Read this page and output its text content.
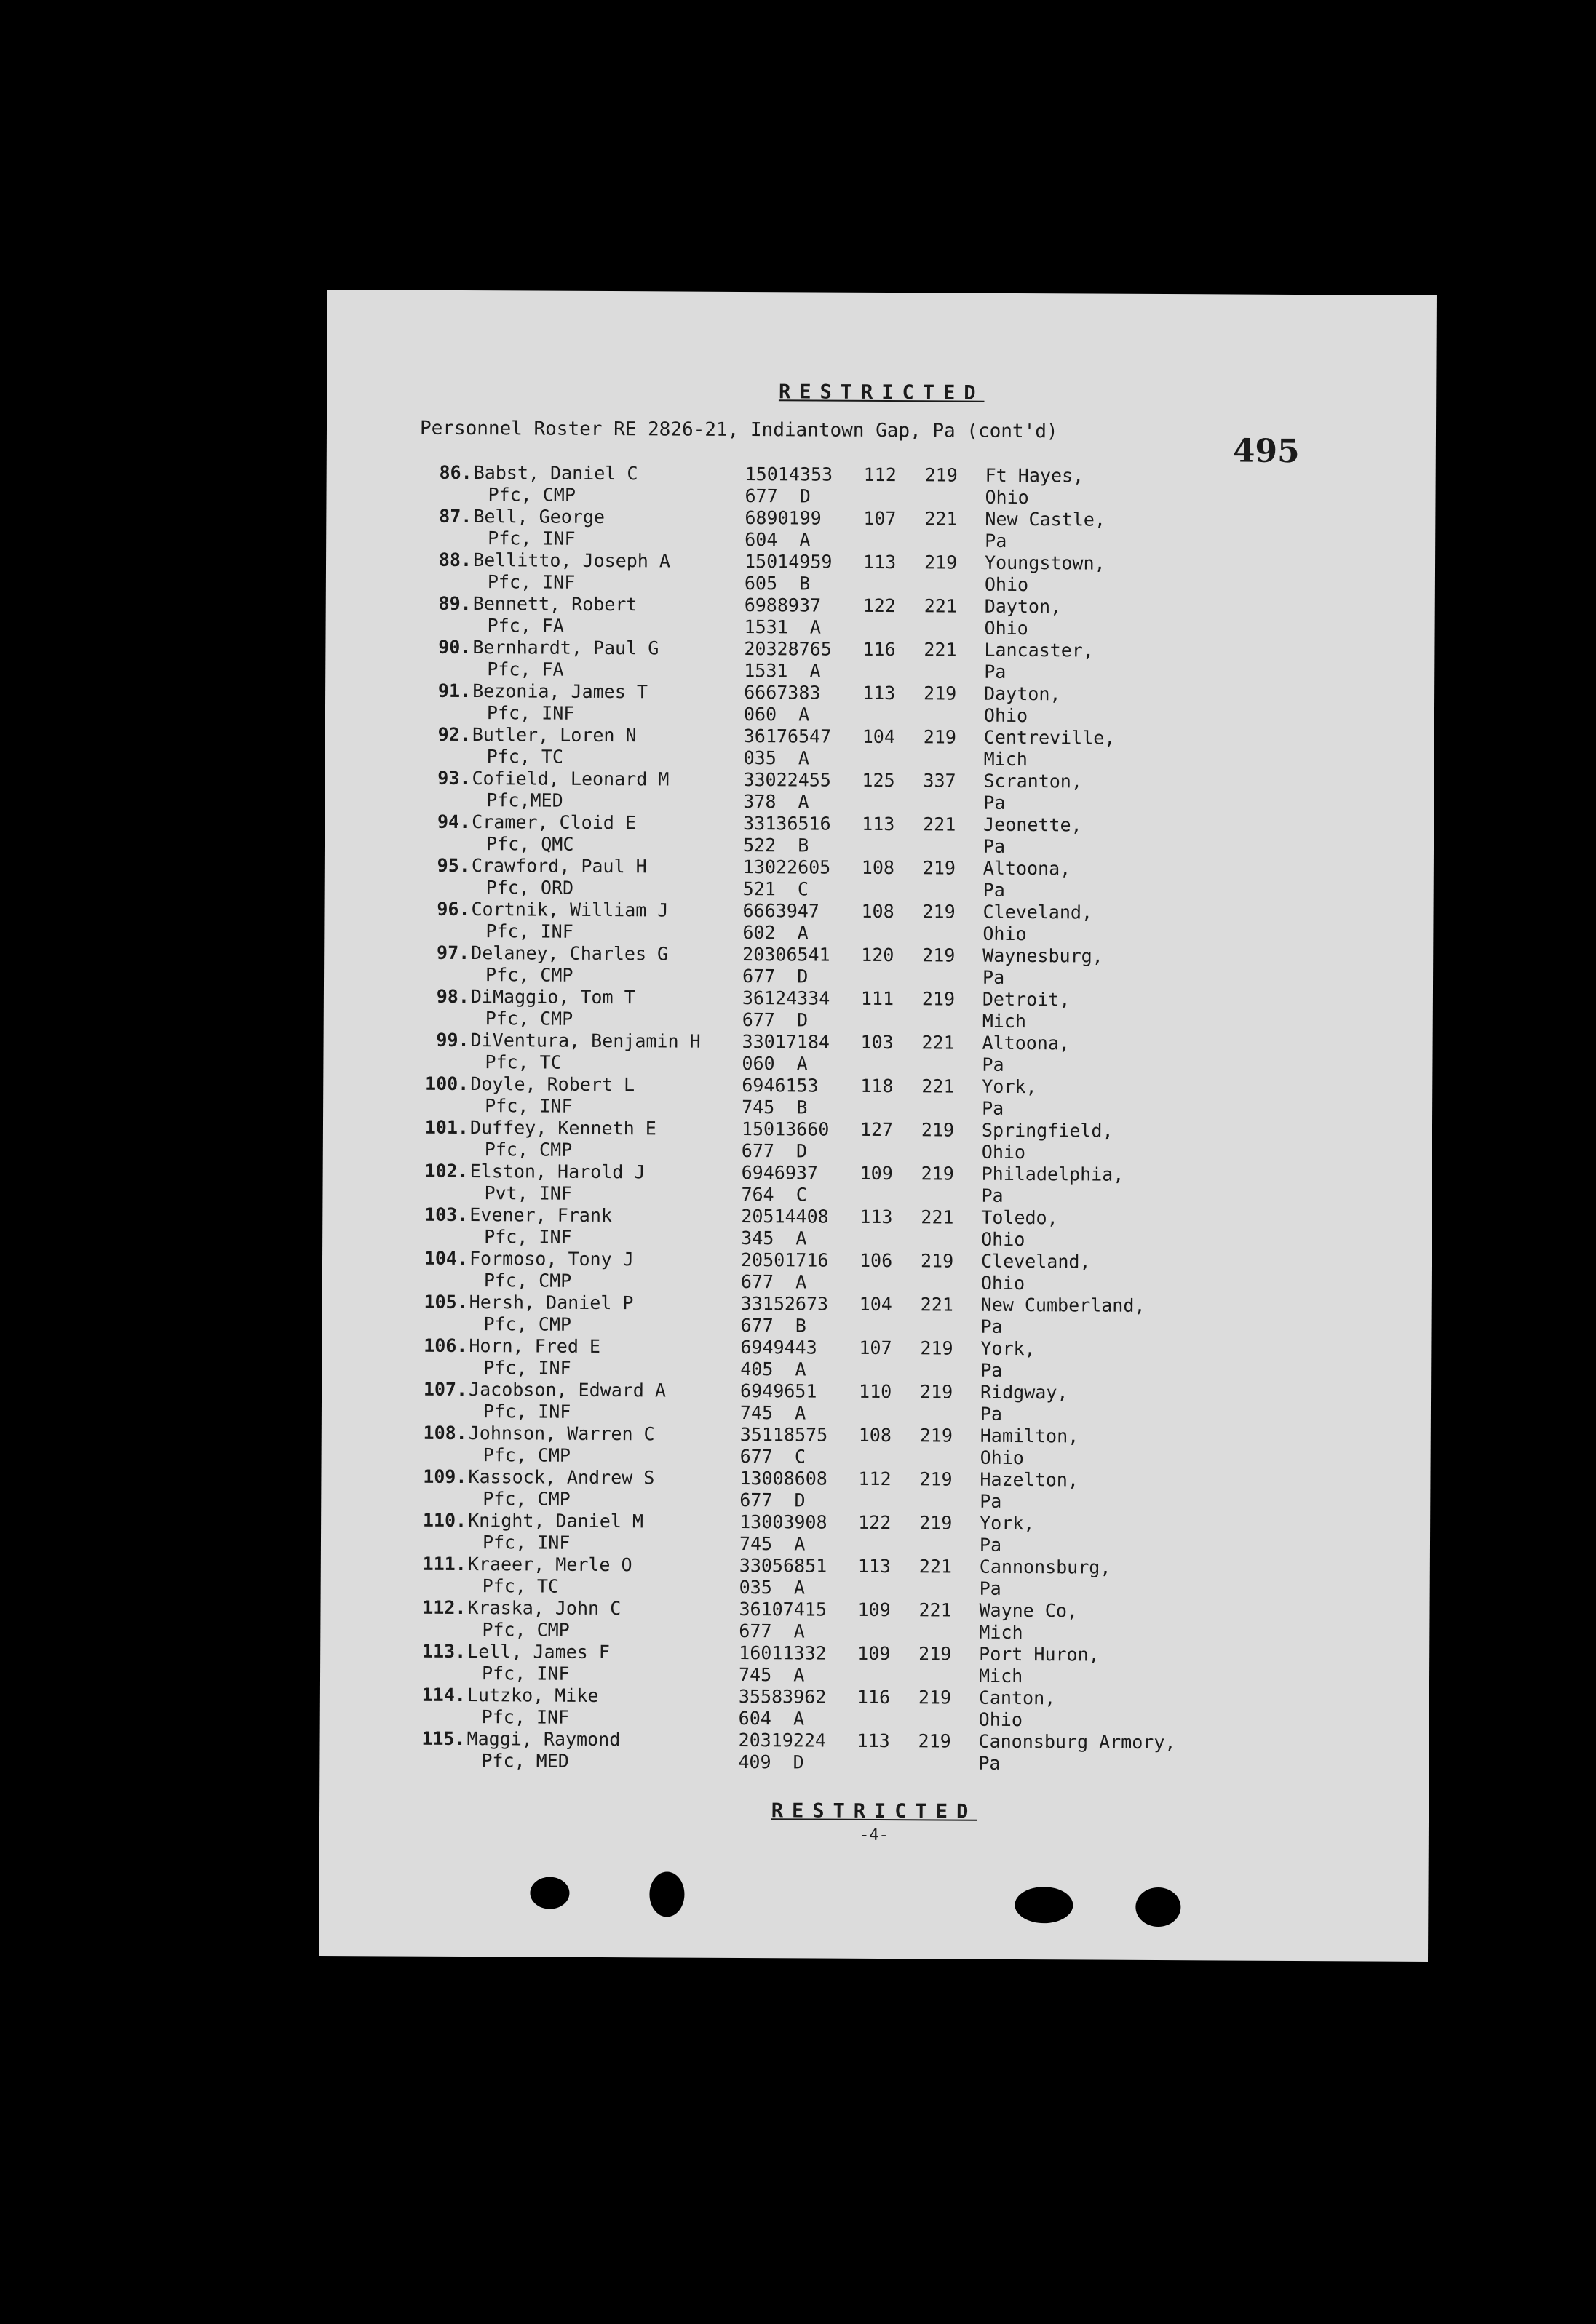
RESTRICTED
Personnel Roster RE 2826-21, Indiantown Gap, Pa (cont'd)
495
86. Babst, Daniel C
Pfc, CMP
15014353
677  D
112 219 Ft Hayes,
Ohio
87. Bell, George
Pfc, INF
6890199
604  A
107 221 New Castle,
Pa
88. Bellitto, Joseph A
Pfc, INF
15014959
605  B
113 219 Youngstown,
Ohio
89. Bennett, Robert
Pfc, FA
6988937
1531  A
122 221 Dayton,
Ohio
90. Bernhardt, Paul G
Pfc, FA
20328765
1531  A
116 221 Lancaster,
Pa
91. Bezonia, James T
Pfc, INF
6667383
060  A
113 219 Dayton,
Ohio
92. Butler, Loren N
Pfc, TC
36176547
035  A
104 219 Centreville,
Mich
93. Cofield, Leonard M
Pfc,MED
33022455
378  A
125 337 Scranton,
Pa
94. Cramer, Cloid E
Pfc, QMC
33136516
522  B
113 221 Jeonette,
Pa
95. Crawford, Paul H
Pfc, ORD
13022605
521  C
108 219 Altoona,
Pa
96. Cortnik, William J
Pfc, INF
6663947
602  A
108 219 Cleveland,
Ohio
97. Delaney, Charles G
Pfc, CMP
20306541
677  D
120 219 Waynesburg,
Pa
98. DiMaggio, Tom T
Pfc, CMP
36124334
677  D
111 219 Detroit,
Mich
99. DiVentura, Benjamin H
Pfc, TC
33017184
060  A
103 221 Altoona,
Pa
100. Doyle, Robert L
Pfc, INF
6946153
745  B
118 221 York,
Pa
101. Duffey, Kenneth E
Pfc, CMP
15013660
677  D
127 219 Springfield,
Ohio
102. Elston, Harold J
Pvt, INF
6946937
764  C
109 219 Philadelphia,
Pa
103. Evener, Frank
Pfc, INF
20514408
345  A
113 221 Toledo,
Ohio
104. Formoso, Tony J
Pfc, CMP
20501716
677  A
106 219 Cleveland,
Ohio
105. Hersh, Daniel P
Pfc, CMP
33152673
677  B
104 221 New Cumberland,
Pa
106. Horn, Fred E
Pfc, INF
6949443
405  A
107 219 York,
Pa
107. Jacobson, Edward A
Pfc, INF
6949651
745  A
110 219 Ridgway,
Pa
108. Johnson, Warren C
Pfc, CMP
35118575
677  C
108 219 Hamilton,
Ohio
109. Kassock, Andrew S
Pfc, CMP
13008608
677  D
112 219 Hazelton,
Pa
110. Knight, Daniel M
Pfc, INF
13003908
745  A
122 219 York,
Pa
111. Kraeer, Merle O
Pfc, TC
33056851
035  A
113 221 Cannonsburg,
Pa
112. Kraska, John C
Pfc, CMP
36107415
677  A
109 221 Wayne Co,
Mich
113. Lell, James F
Pfc, INF
16011332
745  A
109 219 Port Huron,
Mich
114. Lutzko, Mike
Pfc, INF
35583962
604  A
116 219 Canton,
Ohio
115. Maggi, Raymond
Pfc, MED
20319224
409  D
113 219 Canonsburg Armory,
Pa
RESTRICTED
-4-
